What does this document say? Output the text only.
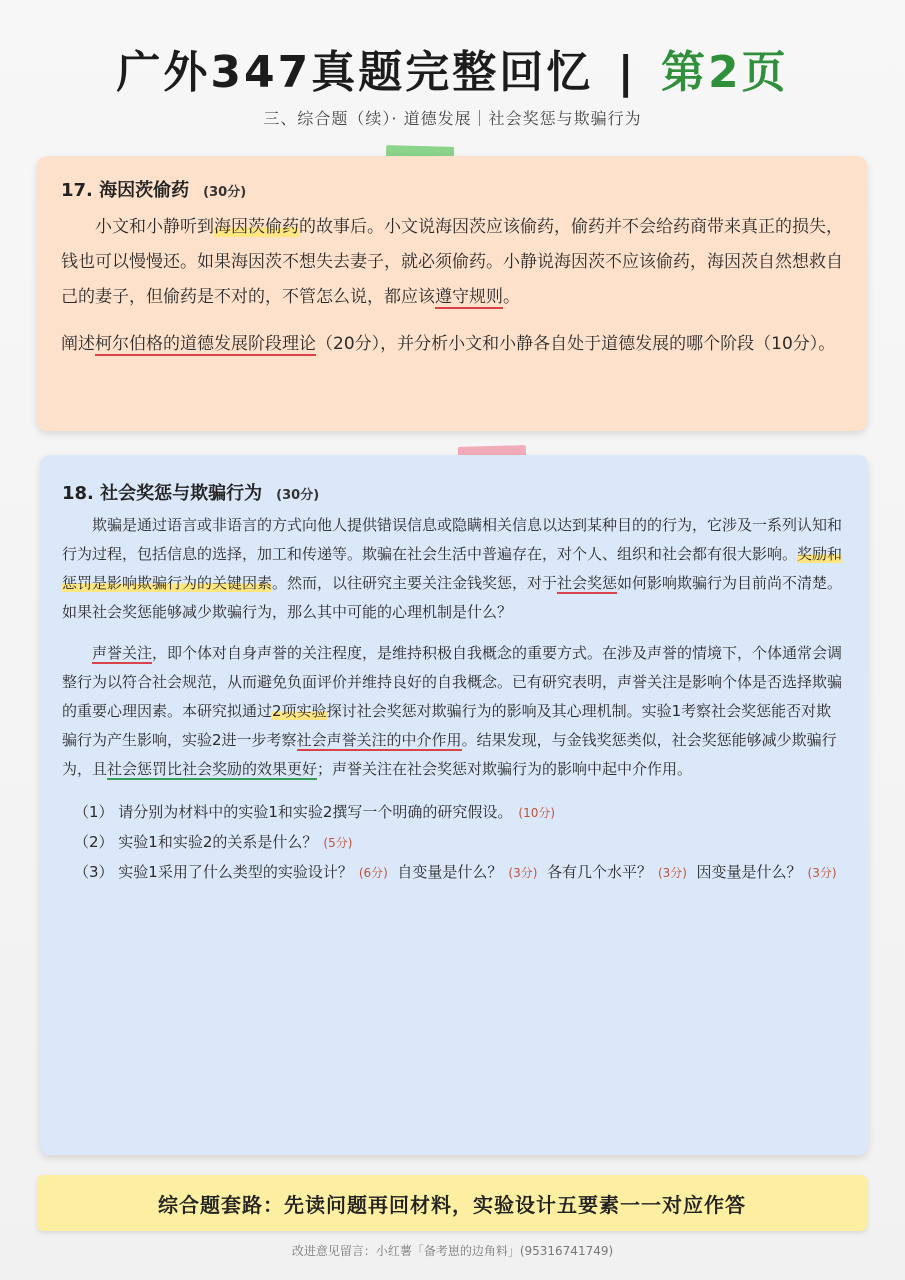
广外347真题完整回忆 | 第2页
三、综合题（续）· 道德发展｜社会奖惩与欺骗行为
17. 海因茨偷药 (30分)

小文和小静听到海因茨偷药的故事后。小文说海因茨应该偷药，偷药并不会给药商带来真正的损失，钱也可以慢慢还。如果海因茨不想失去妻子，就必须偷药。小静说海因茨不应该偷药，海因茨自然想救自己的妻子，但偷药是不对的，不管怎么说，都应该遵守规则。

阐述柯尔伯格的道德发展阶段理论（20分），并分析小文和小静各自处于道德发展的哪个阶段（10分）。

18. 社会奖惩与欺骗行为 (30分)

欺骗是通过语言或非语言的方式向他人提供错误信息或隐瞒相关信息以达到某种目的的行为，它涉及一系列认知和行为过程，包括信息的选择，加工和传递等。欺骗在社会生活中普遍存在，对个人、组织和社会都有很大影响。奖励和惩罚是影响欺骗行为的关键因素。然而，以往研究主要关注金钱奖惩，对于社会奖惩如何影响欺骗行为目前尚不清楚。如果社会奖惩能够减少欺骗行为，那么其中可能的心理机制是什么？

声誉关注，即个体对自身声誉的关注程度，是维持积极自我概念的重要方式。在涉及声誉的情境下，个体通常会调整行为以符合社会规范，从而避免负面评价并维持良好的自我概念。已有研究表明，声誉关注是影响个体是否选择欺骗的重要心理因素。本研究拟通过2项实验探讨社会奖惩对欺骗行为的影响及其心理机制。实验1考察社会奖惩能否对欺骗行为产生影响，实验2进一步考察社会声誉关注的中介作用。结果发现，与金钱奖惩类似，社会奖惩能够减少欺骗行为，且社会惩罚比社会奖励的效果更好；声誉关注在社会奖惩对欺骗行为的影响中起中介作用。

（1） 请分别为材料中的实验1和实验2撰写一个明确的研究假设。 (10分)
（2） 实验1和实验2的关系是什么？ (5分)
（3） 实验1采用了什么类型的实验设计？ (6分) 自变量是什么？ (3分) 各有几个水平？ (3分) 因变量是什么？ (3分)
综合题套路：先读问题再回材料，实验设计五要素一一对应作答
改进意见留言：小红薯「备考崽的边角料」(95316741749)
